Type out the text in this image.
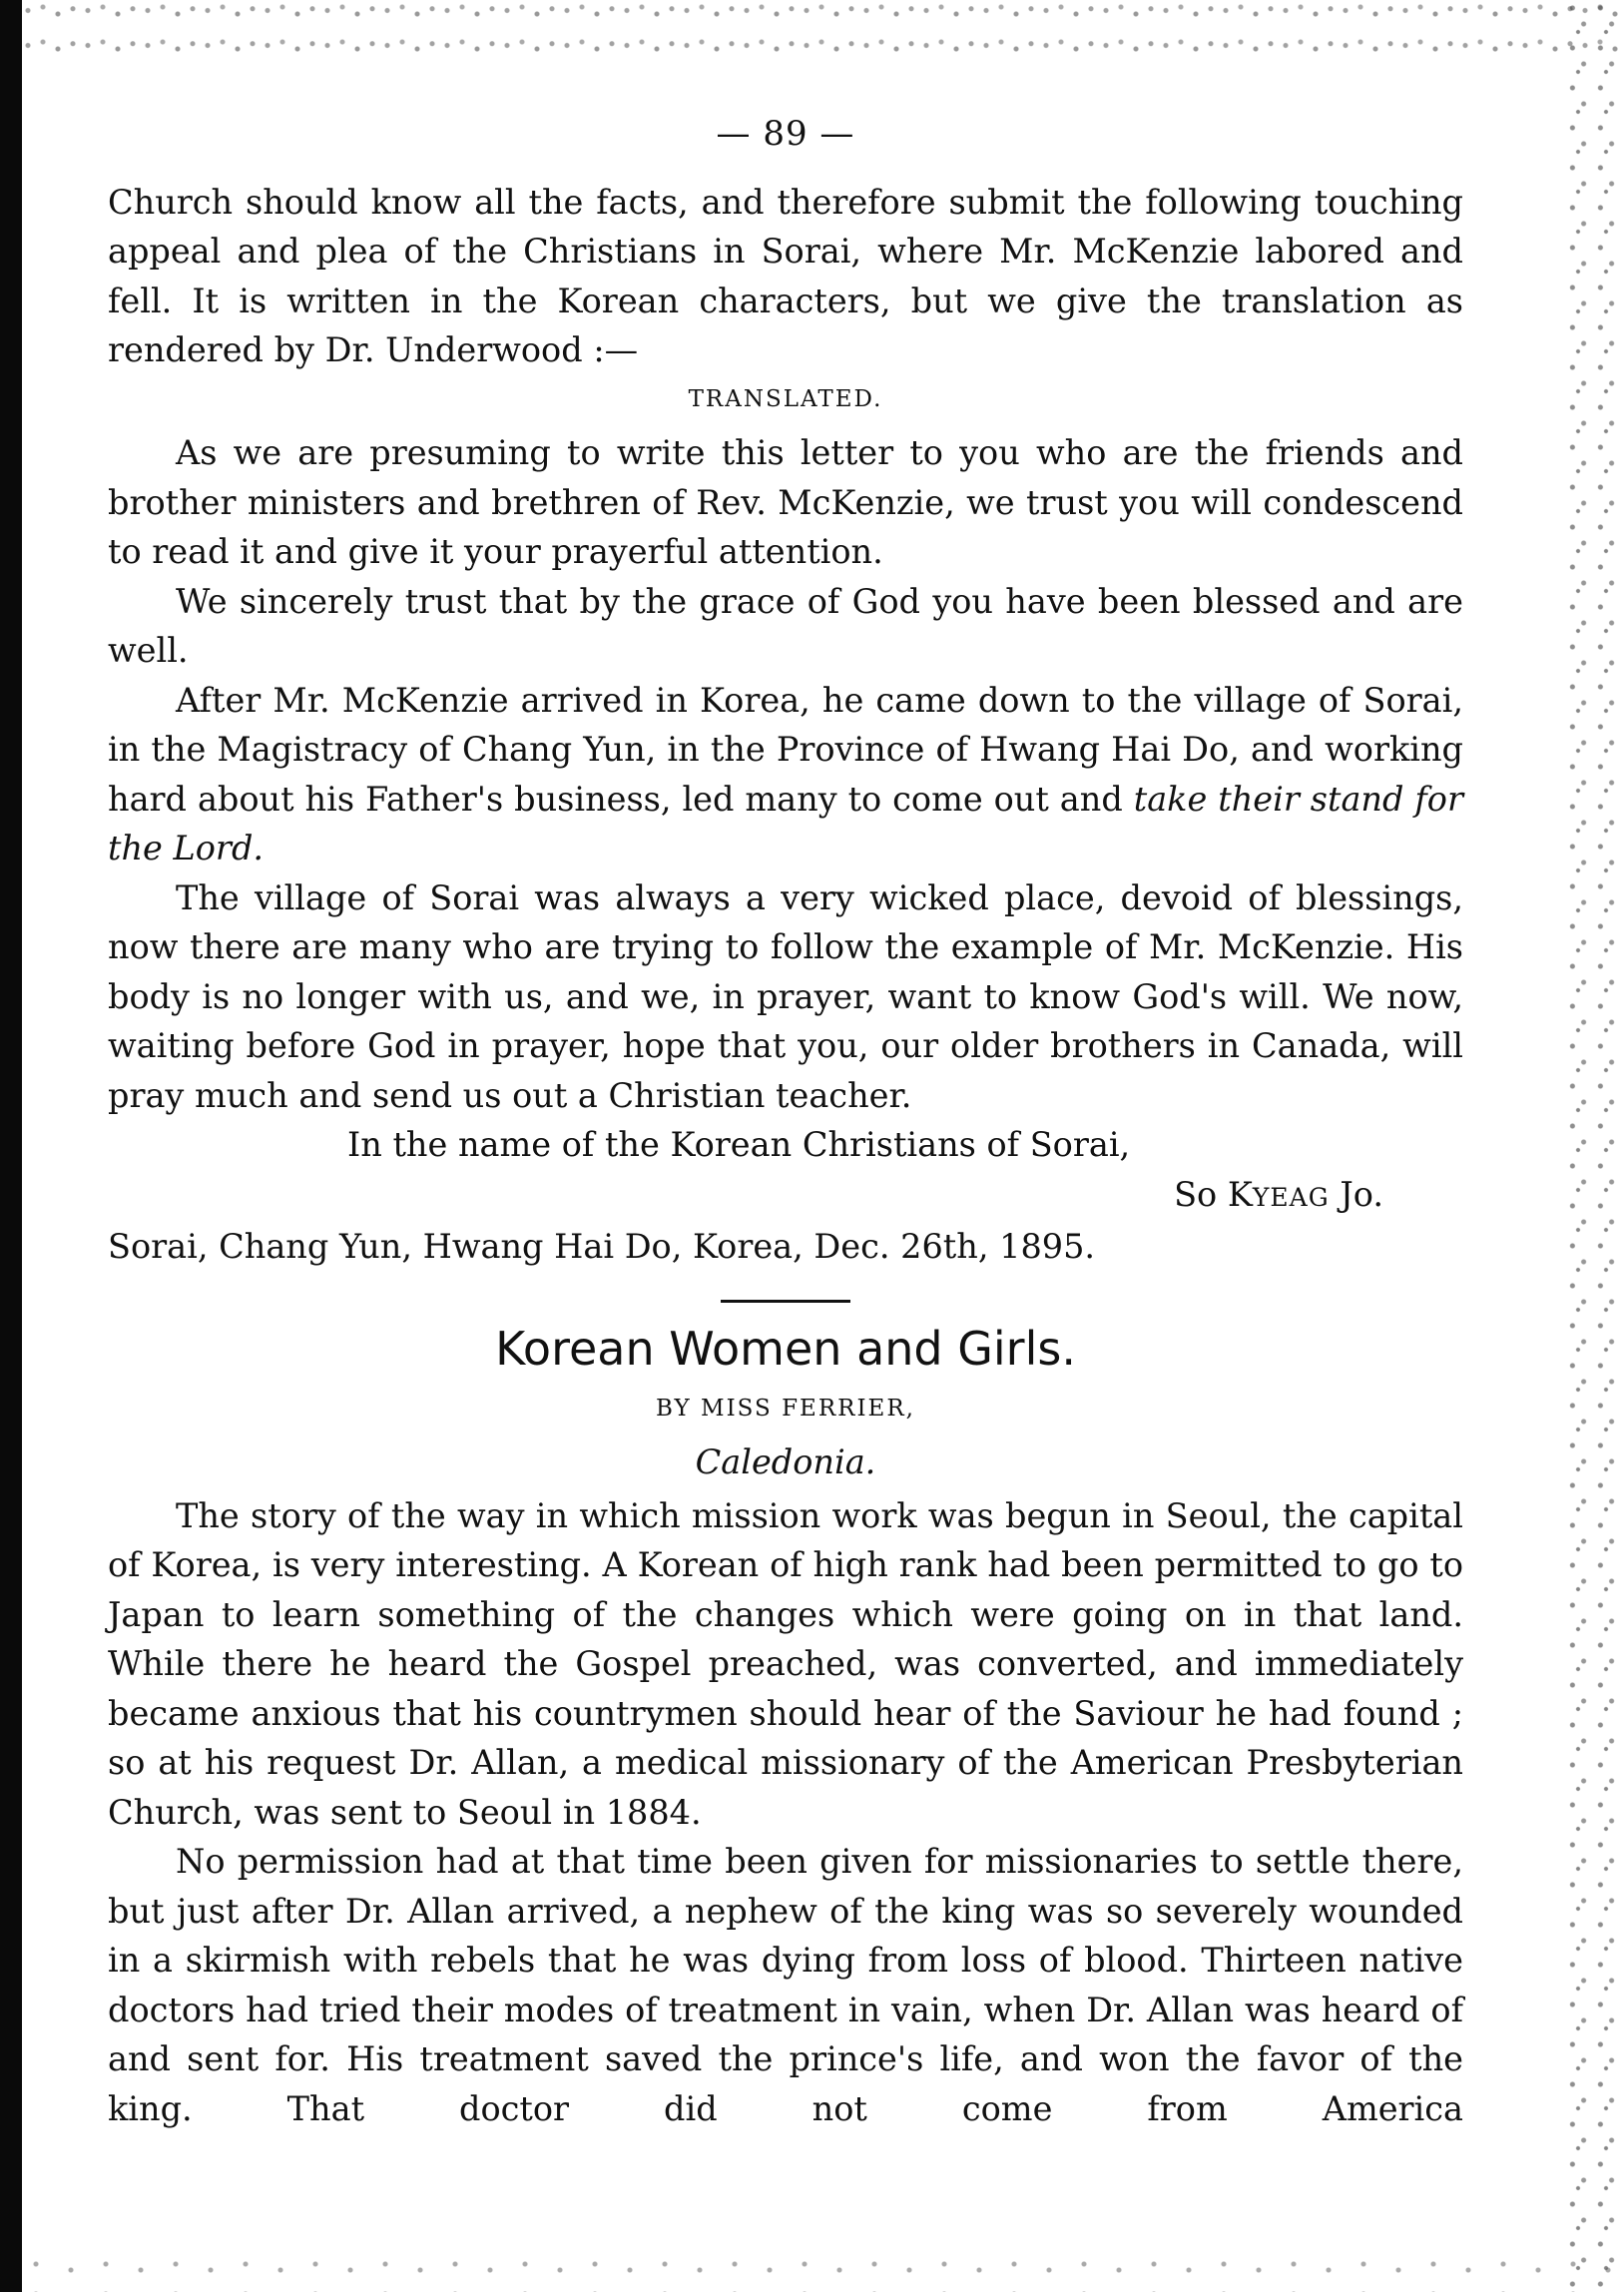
— 89 —

Church should know all the facts, and therefore submit the following touching appeal and plea of the Christians in Sorai, where Mr. McKenzie labored and fell. It is written in the Korean characters, but we give the translation as rendered by Dr. Underwood :—

TRANSLATED.

As we are presuming to write this letter to you who are the friends and brother ministers and brethren of Rev. McKenzie, we trust you will condescend to read it and give it your prayerful attention.

We sincerely trust that by the grace of God you have been blessed and are well.

After Mr. McKenzie arrived in Korea, he came down to the village of Sorai, in the Magistracy of Chang Yun, in the Province of Hwang Hai Do, and working hard about his Father's business, led many to come out and take their stand for the Lord.

The village of Sorai was always a very wicked place, devoid of blessings, now there are many who are trying to follow the example of Mr. McKenzie. His body is no longer with us, and we, in prayer, want to know God's will. We now, waiting before God in prayer, hope that you, our older brothers in Canada, will pray much and send us out a Christian teacher.

In the name of the Korean Christians of Sorai,

So KYEAG Jo.

Sorai, Chang Yun, Hwang Hai Do, Korea, Dec. 26th, 1895.

Korean Women and Girls.
BY MISS FERRIER,
Caledonia.

The story of the way in which mission work was begun in Seoul, the capital of Korea, is very interesting. A Korean of high rank had been permitted to go to Japan to learn something of the changes which were going on in that land. While there he heard the Gospel preached, was converted, and immediately became anxious that his countrymen should hear of the Saviour he had found ; so at his request Dr. Allan, a medical missionary of the American Presbyterian Church, was sent to Seoul in 1884.

No permission had at that time been given for missionaries to settle there, but just after Dr. Allan arrived, a nephew of the king was so severely wounded in a skirmish with rebels that he was dying from loss of blood. Thirteen native doctors had tried their modes of treatment in vain, when Dr. Allan was heard of and sent for. His treatment saved the prince's life, and won the favor of the king. That doctor did not come from America
